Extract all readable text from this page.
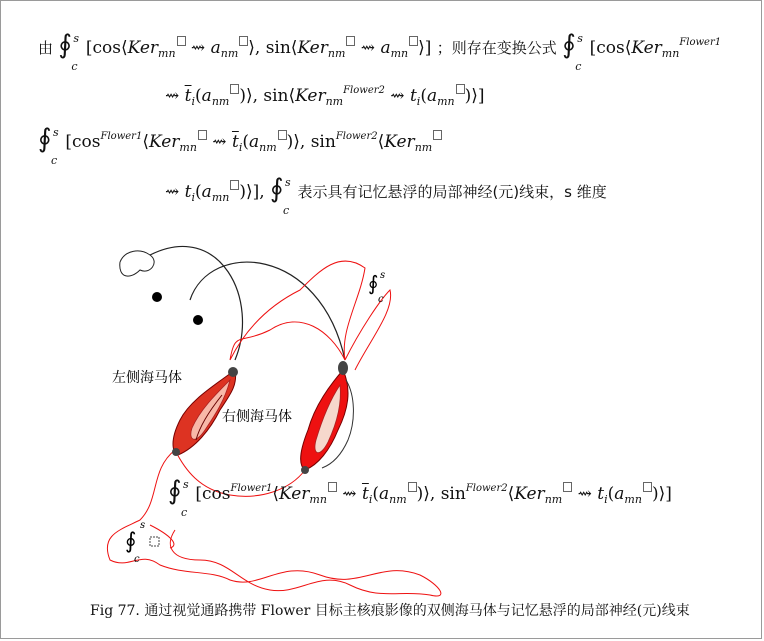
由 ∮ s
c
[cos⟨Ker$_{mn}$ ⇝ $a_{nm}$ ⟩, sin⟨Ker$_{nm}$ ⇝ $a_{mn}$ ⟩] ；则存在变换公式 ∮ s
c
[cos⟨Ker$_{mn}^{Flower1}$
⇝ $\overline{t}_i(a_{nm}$ )⟩, sin⟨Ker$_{nm}^{Flower2}$ ⇝ $t_i(a_{mn}$ )⟩]
∮ s
c
[$\cos^{Flower1}⟨Ker_{mn}$ ⇝ $\overline{t}_i(a_{nm}$ )⟩, $\sin^{Flower2}⟨Ker_{nm}$
⇝ $t_i(a_{mn}$ )⟩], ∮ s
c
表示具有记忆悬浮的局部神经(元)线束，s 维度
∮ s
c
∮
s
c
左侧海马体
右侧海马体
∮ s
c
[$\cos^{Flower1}⟨Ker_{mn}$ ⇝ $\overline{t}_i(a_{nm}$ )⟩, $\sin^{Flower2}⟨Ker_{nm}$ ⇝ $t_i(a_{mn}$ )⟩]
Fig 77. 通过视觉通路携带 Flower 目标主核痕影像的双侧海马体与记忆悬浮的局部神经(元)线束
